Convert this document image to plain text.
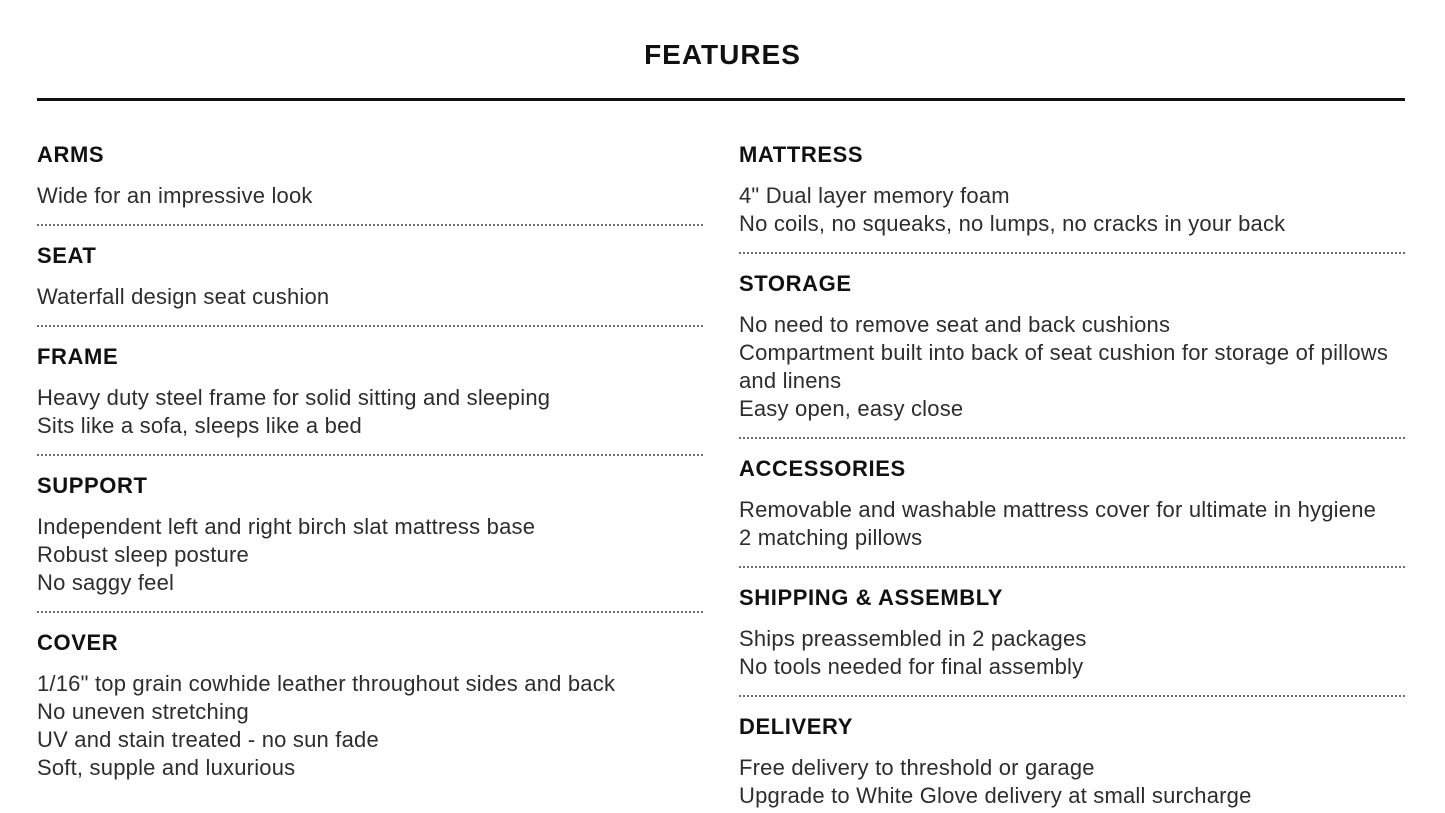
FEATURES
ARMS

Wide for an impressive look

SEAT

Waterfall design seat cushion

FRAME

Heavy duty steel frame for solid sitting and sleeping

Sits like a sofa, sleeps like a bed

SUPPORT

Independent left and right birch slat mattress base

Robust sleep posture

No saggy feel

COVER

1/16" top grain cowhide leather throughout sides and back

No uneven stretching

UV and stain treated - no sun fade

Soft, supple and luxurious

MATTRESS

4" Dual layer memory foam

No coils, no squeaks, no lumps, no cracks in your back

STORAGE

No need to remove seat and back cushions

Compartment built into back of seat cushion for storage of pillows and linens

Easy open, easy close

ACCESSORIES

Removable and washable mattress cover for ultimate in hygiene

2 matching pillows

SHIPPING & ASSEMBLY

Ships preassembled in 2 packages

No tools needed for final assembly

DELIVERY

Free delivery to threshold or garage

Upgrade to White Glove delivery at small surcharge
